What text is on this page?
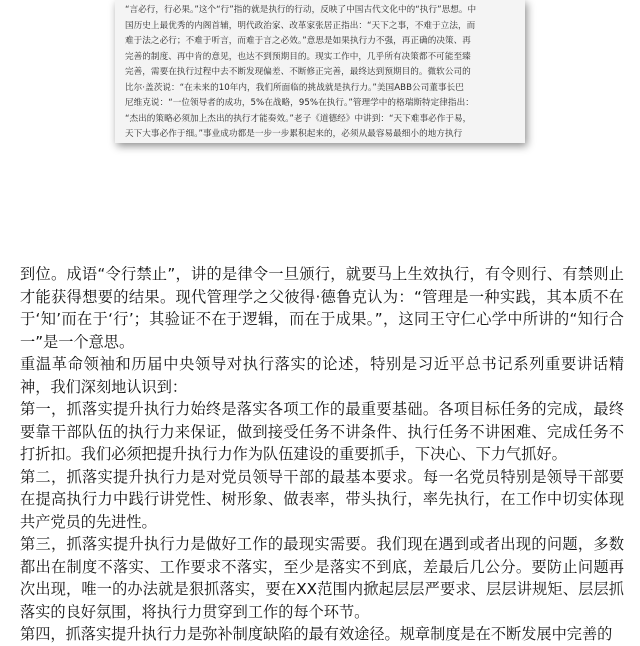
“言必行，行必果。”这个“行”指的就是执行的行动，反映了中国古代文化中的“执行”思想。中

国历史上最优秀的内阁首辅，明代政治家、改革家张居正指出：“天下之事，不难于立法，而

难于法之必行；不难于听言，而难于言之必效。”意思是如果执行力不强，再正确的决策、再

完善的制度、再中肯的意见，也达不到预期目的。现实工作中，几乎所有决策都不可能至臻

完善，需要在执行过程中去不断发现偏差、不断修正完善，最终达到预期目的。微软公司的

比尔·盖茨说：“在未来的10年内，我们所面临的挑战就是执行力。”美国ABB公司董事长巴

尼维克说：“一位领导者的成功，5%在战略，95%在执行。”管理学中的格瑞斯特定律指出：

“杰出的策略必须加上杰出的执行才能奏效。”老子《道德经》中讲到：“天下难事必作于易，

天下大事必作于细。”事业成功都是一步一步累积起来的，必须从最容易最细小的地方执行

到位。成语“令行禁止”，讲的是律令一旦颁行，就要马上生效执行，有令则行、有禁则止才能获得想要的结果。现代管理学之父彼得·德鲁克认为：“管理是一种实践，其本质不在于‘知’而在于‘行’；其验证不在于逻辑，而在于成果。”，这同王守仁心学中所讲的“知行合一”是一个意思。

重温革命领袖和历届中央领导对执行落实的论述，特别是习近平总书记系列重要讲话精神，我们深刻地认识到：

第一，抓落实提升执行力始终是落实各项工作的最重要基础。各项目标任务的完成，最终要靠干部队伍的执行力来保证，做到接受任务不讲条件、执行任务不讲困难、完成任务不打折扣。我们必须把提升执行力作为队伍建设的重要抓手，下决心、下力气抓好。

第二，抓落实提升执行力是对党员领导干部的最基本要求。每一名党员特别是领导干部要在提高执行力中践行讲党性、树形象、做表率，带头执行，率先执行，在工作中切实体现共产党员的先进性。

第三，抓落实提升执行力是做好工作的最现实需要。我们现在遇到或者出现的问题，多数都出在制度不落实、工作要求不落实，至少是落实不到底，差最后几公分。要防止问题再次出现，唯一的办法就是狠抓落实，要在XX范围内掀起层层严要求、层层讲规矩、层层抓落实的良好氛围，将执行力贯穿到工作的每个环节。

第四，抓落实提升执行力是弥补制度缺陷的最有效途径。规章制度是在不断发展中完善的
